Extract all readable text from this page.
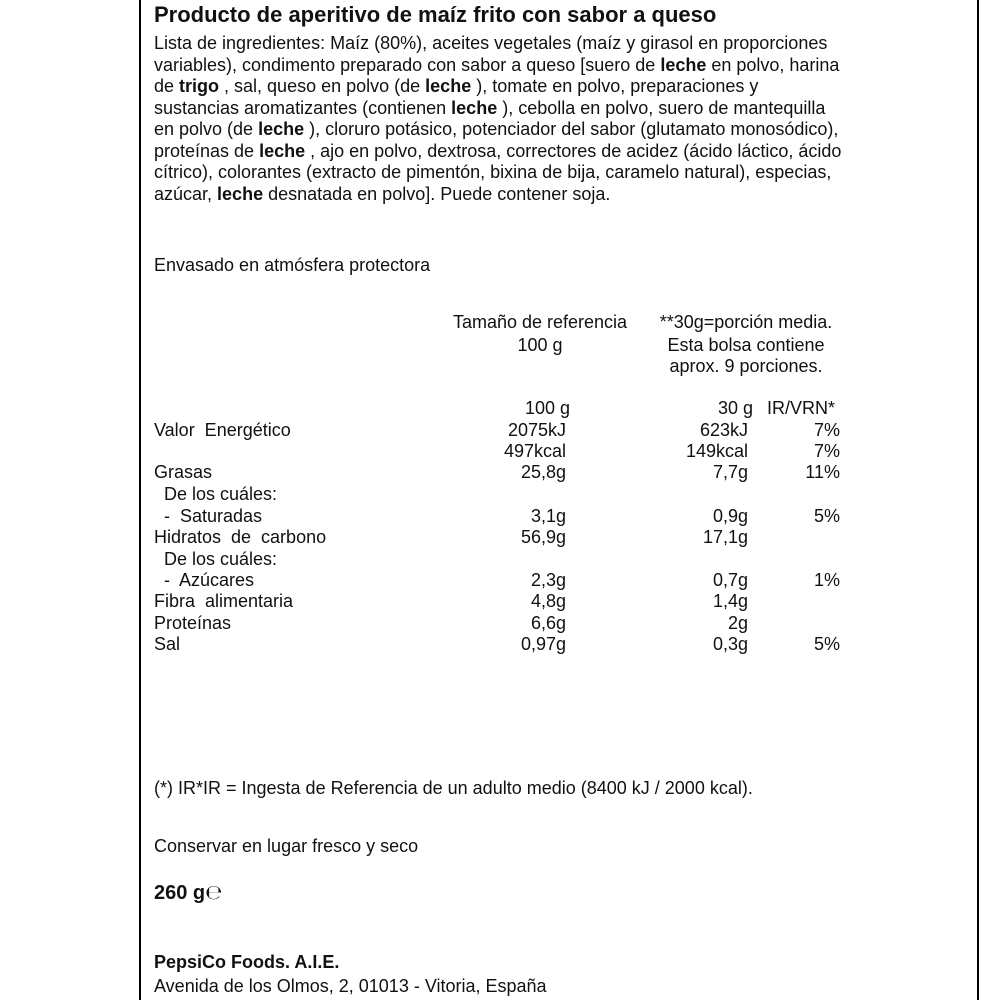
Producto de aperitivo de maíz frito con sabor a queso
Lista de ingredientes: Maíz (80%), aceites vegetales (maíz y girasol en proporciones variables), condimento preparado con sabor a queso [suero de leche en polvo, harina de trigo , sal, queso en polvo (de leche ), tomate en polvo, preparaciones y sustancias aromatizantes (contienen leche ), cebolla en polvo, suero de mantequilla en polvo (de leche ), cloruro potásico, potenciador del sabor (glutamato monosódico), proteínas de leche , ajo en polvo, dextrosa, correctores de acidez (ácido láctico, ácido cítrico), colorantes (extracto de pimentón, bixina de bija, caramelo natural), especias, azúcar, leche desnatada en polvo]. Puede contener soja.
Envasado en atmósfera protectora
Tamaño de referencia
100 g
**30g=porción media.
Esta bolsa contiene
aprox. 9 porciones.
100 g	30 g IR/VRN*
Valor  Energético	2075kJ	623kJ	7%
497kcal	149kcal	7%
Grasas	25,8g	7,7g	11%
De los cuáles:
-  Saturadas	3,1g	0,9g	5%
Hidratos  de  carbono	56,9g	17,1g
De los cuáles:
-  Azúcares	2,3g	0,7g	1%
Fibra  alimentaria	4,8g	1,4g
Proteínas	6,6g	2g
Sal	0,97g	0,3g	5%
(*) IR*IR = Ingesta de Referencia de un adulto medio (8400 kJ / 2000 kcal).
Conservar en lugar fresco y seco
260 g℮
PepsiCo Foods. A.I.E.
Avenida de los Olmos, 2, 01013 - Vitoria, España
